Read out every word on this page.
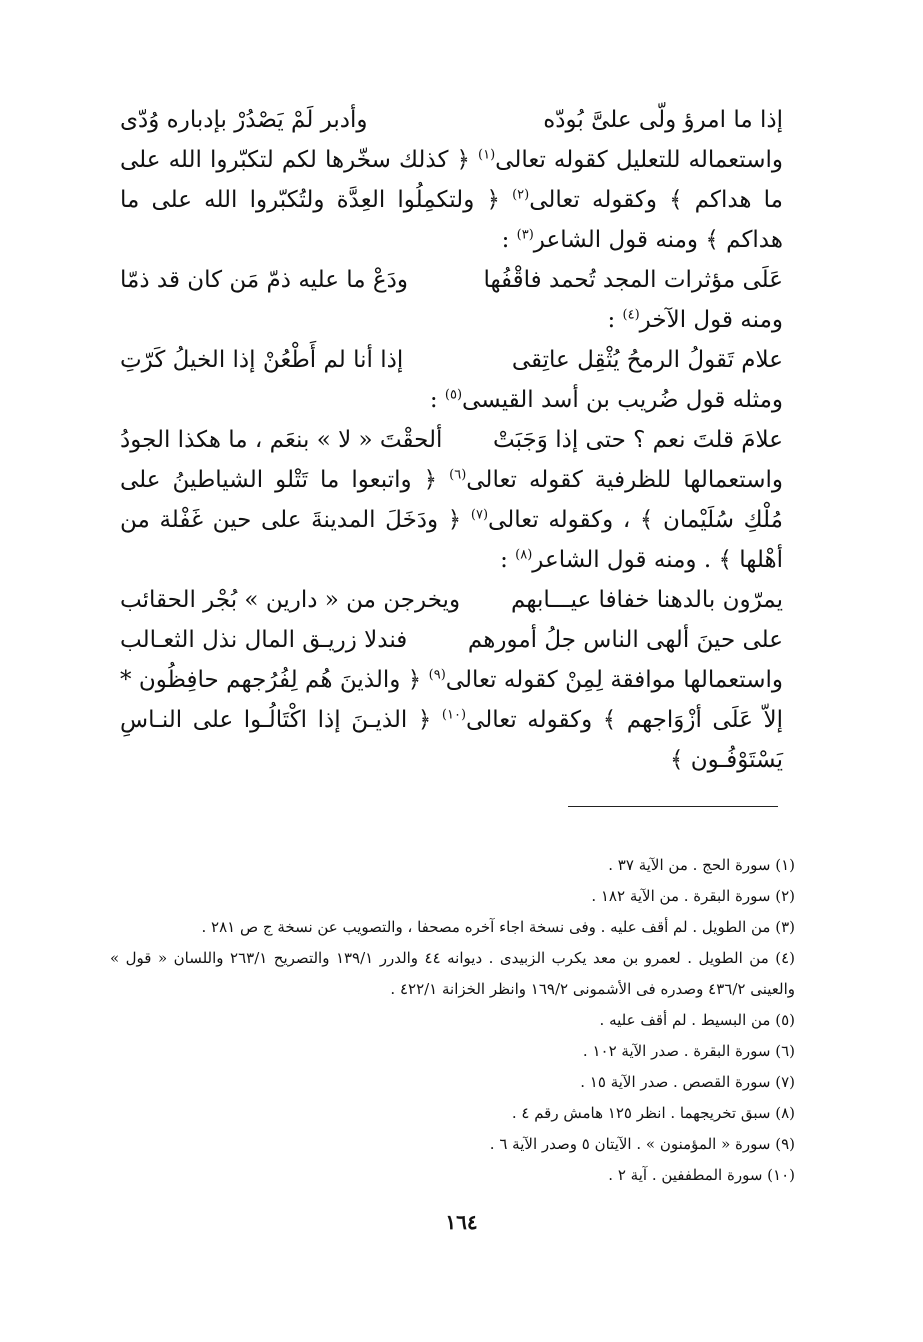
إذا ما امرؤ ولّى علىَّ بُودّه
وأدبر لَمْ يَصْدُرْ بإدباره وُدّى

واستعماله للتعليل كقوله تعالى$^{(١)}$ ﴿ كذلك سخّرها لكم لتكبّروا الله على ما هداكم ﴾ وكقوله تعالى$^{(٢)}$ ﴿ ولتكمِلُوا العِدَّة ولتُكبّروا الله على ما هداكم ﴾ ومنه قول الشاعر$^{(٣)}$ :

عَلَى مؤثرات المجد تُحمد فاقْفُها
ودَعْ ما عليه ذمّ مَن كان قد ذمّا

ومنه قول الآخر$^{(٤)}$ :

علام تَقولُ الرمحُ يُثْقِل عاتِقى
إذا أنا لم أَطْعُنْ إذا الخيلُ كَرّتِ

ومثله قول ضُريب بن أسد القيسى$^{(٥)}$ :

علامَ قلتَ نعم ؟ حتى إذا وَجَبَتْ
ألحقْتَ « لا » بنعَم ، ما هكذا الجودُ

واستعمالها للظرفية كقوله تعالى$^{(٦)}$ ﴿ واتبعوا ما تَتْلو الشياطينُ على مُلْكِ سُلَيْمان ﴾ ، وكقوله تعالى$^{(٧)}$ ﴿ ودَخَلَ المدينةَ على حين غَفْلة من أهْلها ﴾ . ومنه قول الشاعر$^{(٨)}$ :

يمرّون بالدهنا خفافا عيـــابهم
ويخرجن من « دارين » بُجْر الحقائب
على حينَ ألهى الناس جلُ أمورهم
فندلا زريـق المال نذل الثعـالب

واستعمالها موافقة لِمِنْ كقوله تعالى$^{(٩)}$ ﴿ والذينَ هُم لِفُرُجهم حافِظُون * إلاّ عَلَى أزْوَاجهم ﴾ وكقوله تعالى$^{(١٠)}$ ﴿ الذيـنَ إذا اكْتَالُـوا على النـاسِ يَسْتَوْفُـون ﴾

(١) سورة الحج . من الآية ٣٧ .

(٢) سورة البقرة . من الآية ١٨٢ .

(٣) من الطويل . لم أقف عليه . وفى نسخة اجاء آخره مصحفا ، والتصويب عن نسخة ج ص ٢٨١ .

(٤) من الطويل . لعمرو بن معد يكرب الزبيدى . ديوانه ٤٤ والدرر ١٣٩/١ والتصريح ٢٦٣/١ واللسان « قول » والعينى ٤٣٦/٢ وصدره فى الأشمونى ١٦٩/٢ وانظر الخزانة ٤٢٢/١ .

(٥) من البسيط . لم أقف عليه .

(٦) سورة البقرة . صدر الآية ١٠٢ .

(٧) سورة القصص . صدر الآية ١٥ .

(٨) سبق تخريجهما . انظر ١٢٥ هامش رقم ٤ .

(٩) سورة « المؤمنون » . الآيتان ٥ وصدر الآية ٦ .

(١٠) سورة المطففين . آية ٢ .

١٦٤
